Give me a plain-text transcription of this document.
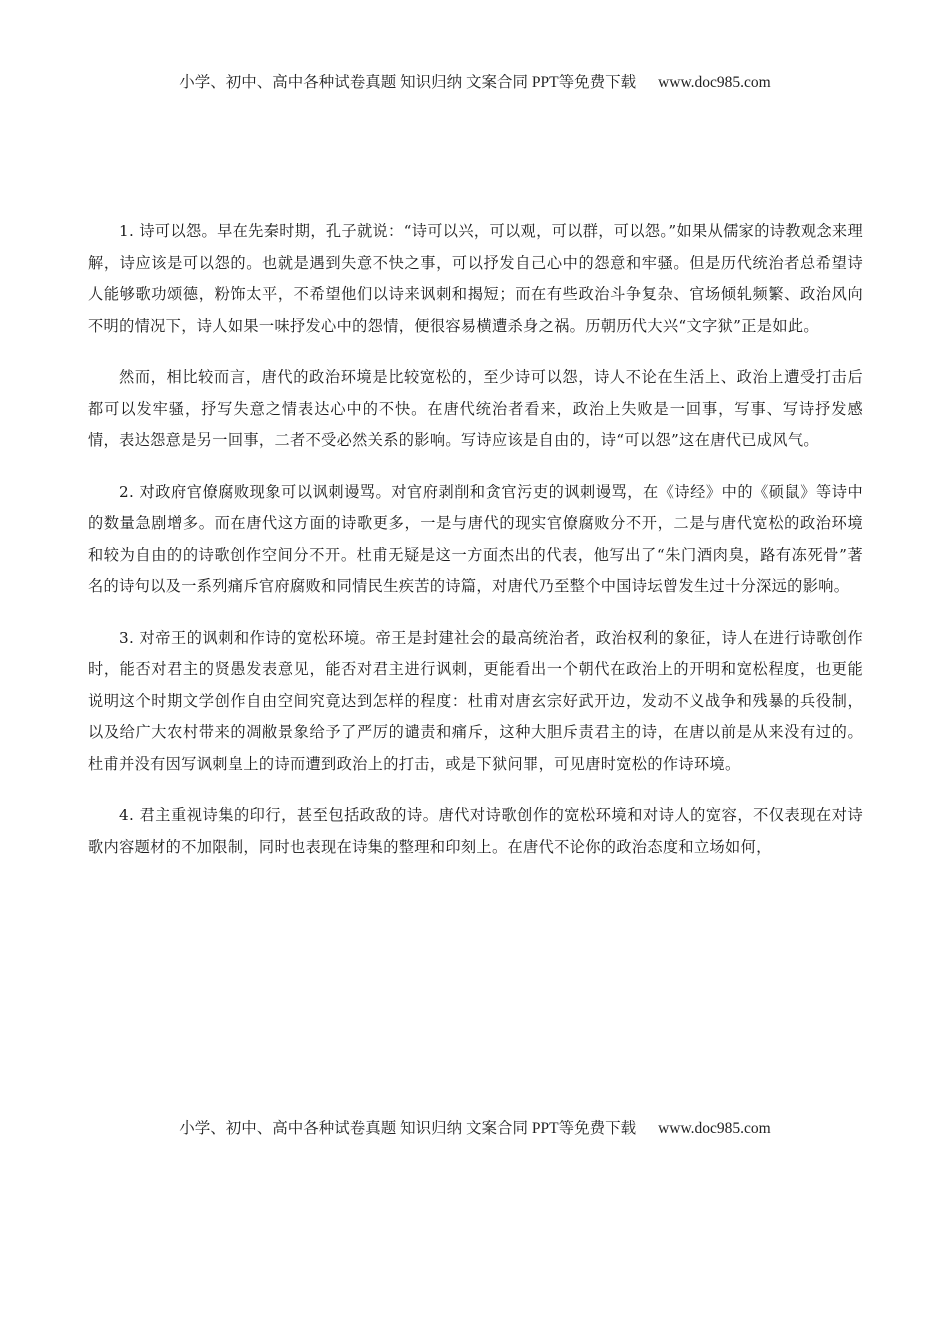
小学、初中、高中各种试卷真题 知识归纳 文案合同 PPT等免费下载 www.doc985.com

1. 诗可以怨。早在先秦时期，孔子就说：“诗可以兴，可以观，可以群，可以怨。”如果从儒家的诗教观念来理解，诗应该是可以怨的。也就是遇到失意不快之事，可以抒发自己心中的怨意和牢骚。但是历代统治者总希望诗人能够歌功颂德，粉饰太平，不希望他们以诗来讽刺和揭短；而在有些政治斗争复杂、官场倾轧频繁、政治风向不明的情况下，诗人如果一味抒发心中的怨情，便很容易横遭杀身之祸。历朝历代大兴“文字狱”正是如此。

然而，相比较而言，唐代的政治环境是比较宽松的，至少诗可以怨，诗人不论在生活上、政治上遭受打击后都可以发牢骚，抒写失意之情表达心中的不快。在唐代统治者看来，政治上失败是一回事，写事、写诗抒发感情，表达怨意是另一回事，二者不受必然关系的影响。写诗应该是自由的，诗“可以怨”这在唐代已成风气。

2. 对政府官僚腐败现象可以讽刺谩骂。对官府剥削和贪官污吏的讽刺谩骂，在《诗经》中的《硕鼠》等诗中的数量急剧增多。而在唐代这方面的诗歌更多，一是与唐代的现实官僚腐败分不开，二是与唐代宽松的政治环境和较为自由的的诗歌创作空间分不开。杜甫无疑是这一方面杰出的代表，他写出了“朱门酒肉臭，路有冻死骨”著名的诗句以及一系列痛斥官府腐败和同情民生疾苦的诗篇，对唐代乃至整个中国诗坛曾发生过十分深远的影响。

3. 对帝王的讽刺和作诗的宽松环境。帝王是封建社会的最高统治者，政治权利的象征，诗人在进行诗歌创作时，能否对君主的贤愚发表意见，能否对君主进行讽刺，更能看出一个朝代在政治上的开明和宽松程度，也更能说明这个时期文学创作自由空间究竟达到怎样的程度：杜甫对唐玄宗好武开边，发动不义战争和残暴的兵役制，以及给广大农村带来的凋敝景象给予了严厉的谴责和痛斥，这种大胆斥责君主的诗，在唐以前是从来没有过的。杜甫并没有因写讽刺皇上的诗而遭到政治上的打击，或是下狱问罪，可见唐时宽松的作诗环境。

4. 君主重视诗集的印行，甚至包括政敌的诗。唐代对诗歌创作的宽松环境和对诗人的宽容，不仅表现在对诗歌内容题材的不加限制，同时也表现在诗集的整理和印刻上。在唐代不论你的政治态度和立场如何，

小学、初中、高中各种试卷真题 知识归纳 文案合同 PPT等免费下载 www.doc985.com
